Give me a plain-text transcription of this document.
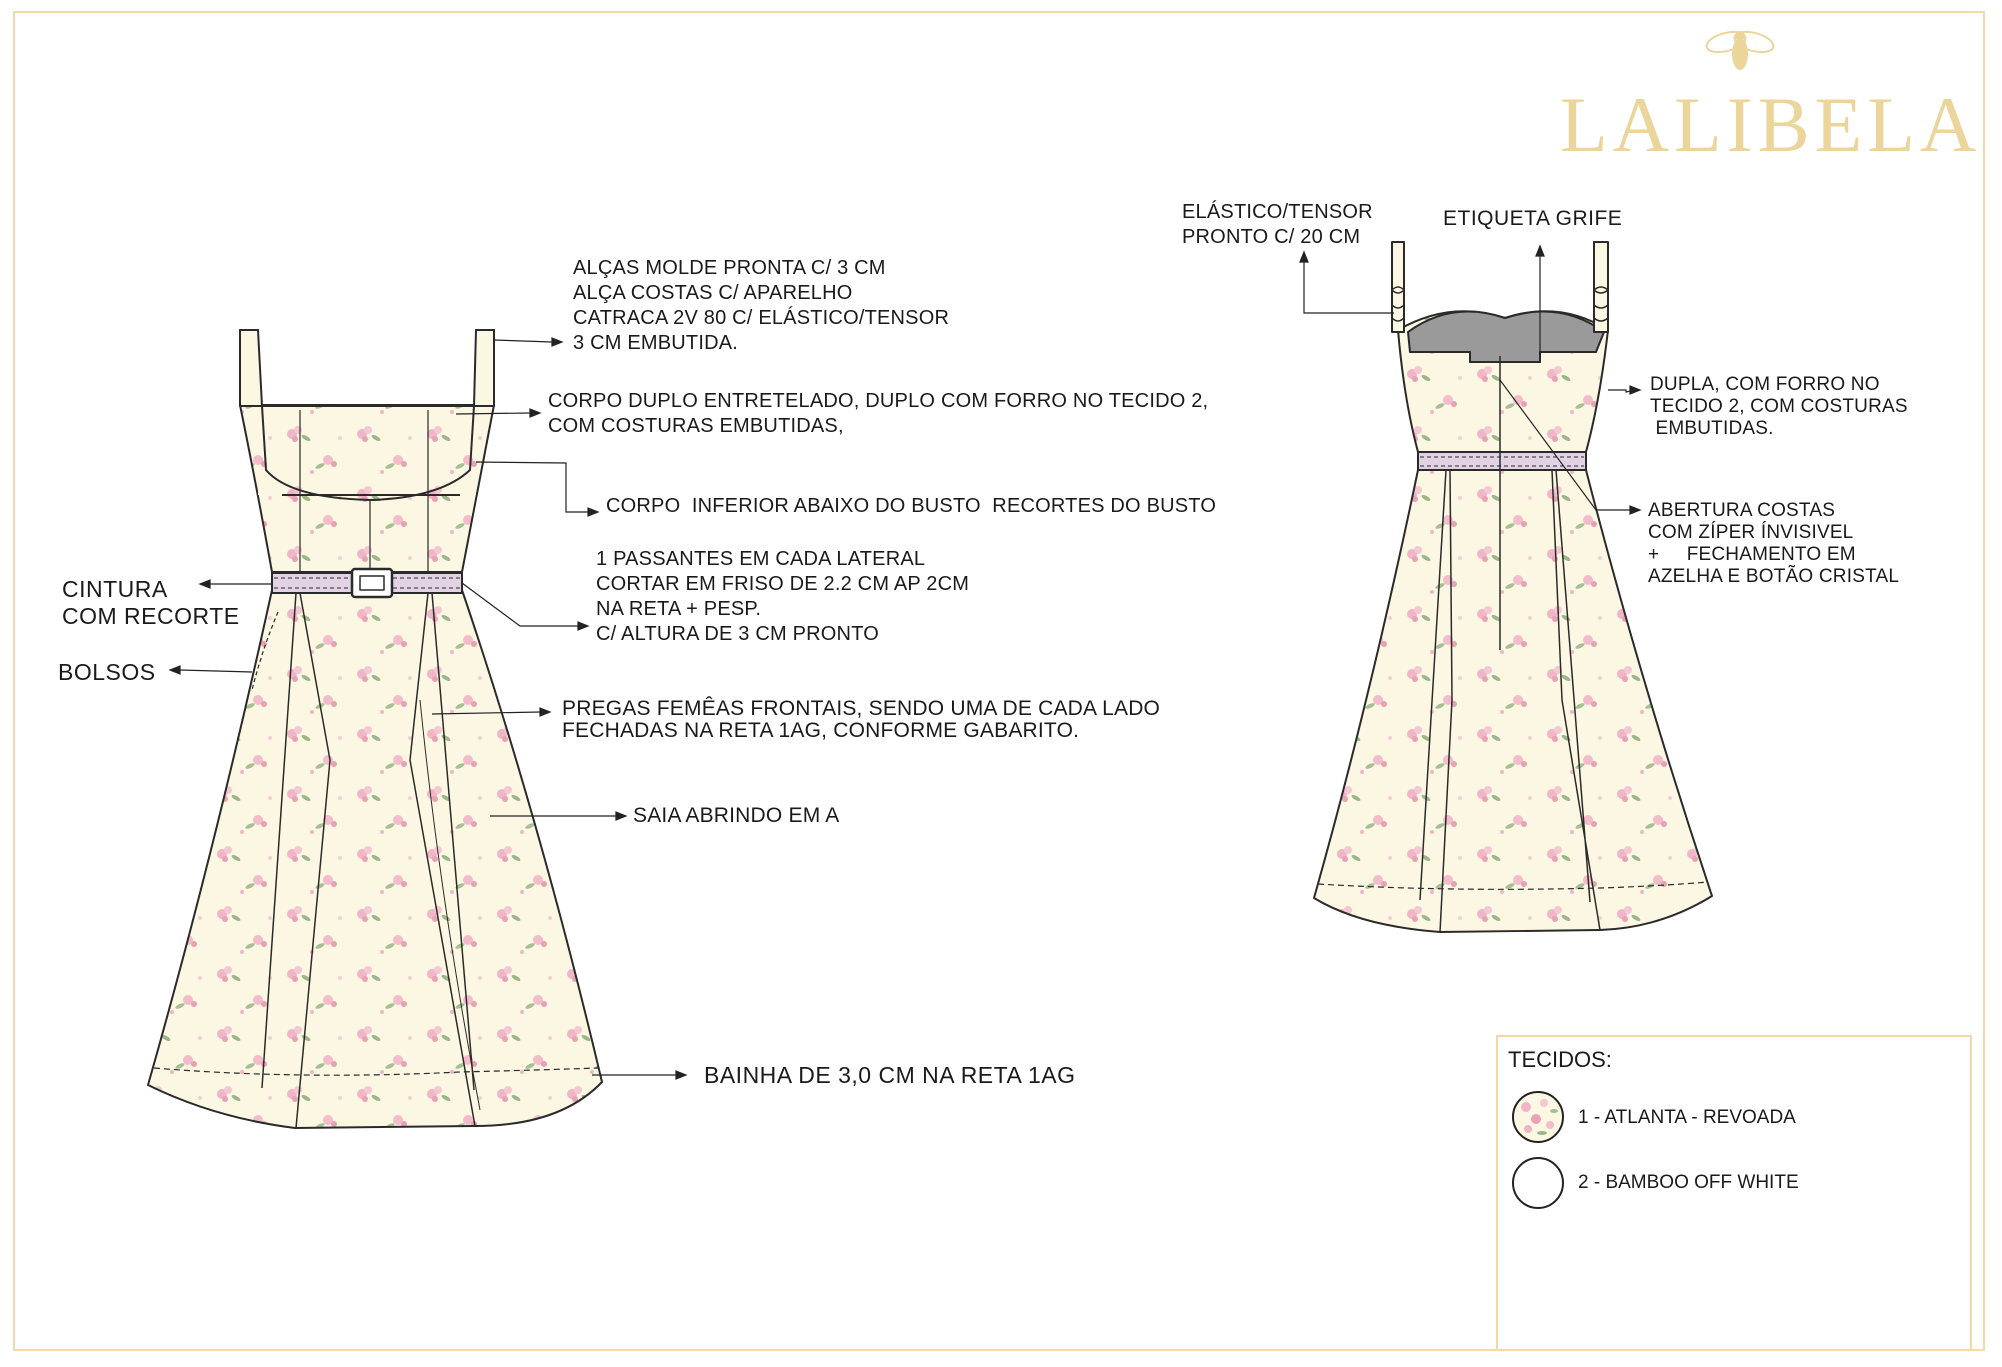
LALIBELA
ALÇAS MOLDE PRONTA C/ 3 CM
ALÇA COSTAS C/ APARELHO
CATRACA 2V 80 C/ ELÁSTICO/TENSOR
3 CM EMBUTIDA.
CORPO DUPLO ENTRETELADO, DUPLO COM FORRO NO TECIDO 2,
COM COSTURAS EMBUTIDAS,
CORPO  INFERIOR ABAIXO DO BUSTO  RECORTES DO BUSTO
1 PASSANTES EM CADA LATERAL
CORTAR EM FRISO DE 2.2 CM AP 2CM
NA RETA + PESP.
C/ ALTURA DE 3 CM PRONTO
CINTURA
COM RECORTE
BOLSOS
PREGAS FEMÊAS FRONTAIS, SENDO UMA DE CADA LADO
FECHADAS NA RETA 1AG, CONFORME GABARITO.
SAIA ABRINDO EM A
BAINHA DE 3,0 CM NA RETA 1AG
ELÁSTICO/TENSOR
PRONTO C/ 20 CM
ETIQUETA GRIFE
DUPLA, COM FORRO NO
TECIDO 2, COM COSTURAS
EMBUTIDAS.
ABERTURA COSTAS
COM ZÍPER ÍNVISIVEL
+     FECHAMENTO EM
AZELHA E BOTÃO CRISTAL
TECIDOS:
1 - ATLANTA - REVOADA
2 - BAMBOO OFF WHITE
